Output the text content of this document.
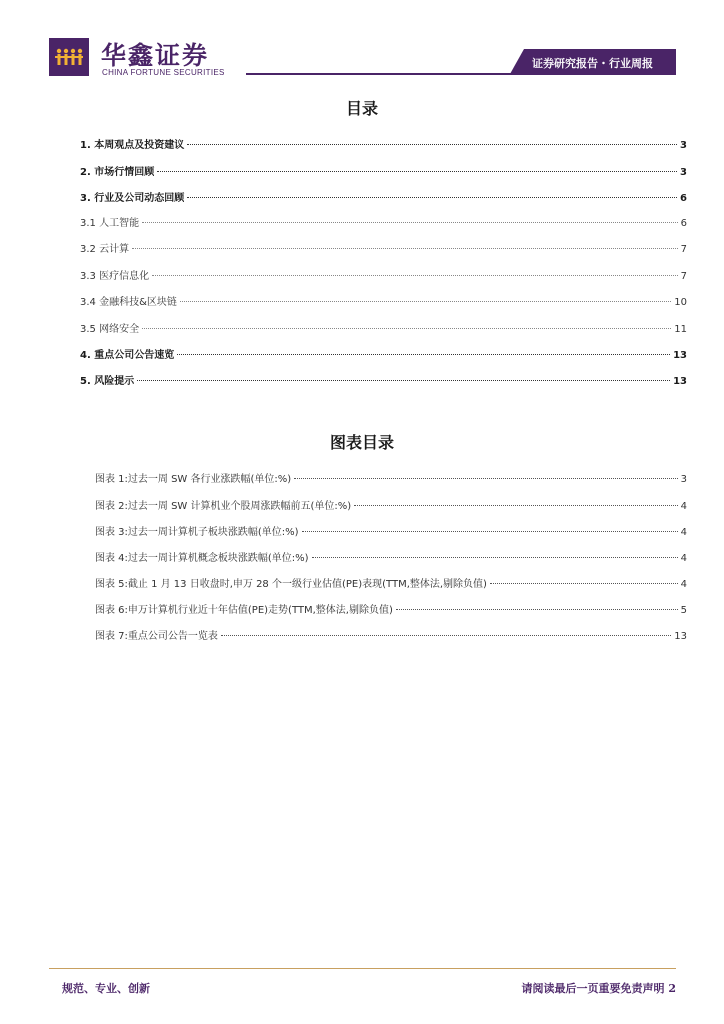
华鑫证券
CHINA FORTUNE SECURITIES
证券研究报告・行业周报
目录
1. 本周观点及投资建议	3
2. 市场行情回顾	3
3. 行业及公司动态回顾	6
3.1 人工智能	6
3.2 云计算	7
3.3 医疗信息化	7
3.4 金融科技&区块链	10
3.5 网络安全	11
4. 重点公司公告速览	13
5. 风险提示	13
图表目录
图表 1:过去一周 SW 各行业涨跌幅(单位:%)	3
图表 2:过去一周 SW 计算机业个股周涨跌幅前五(单位:%)	4
图表 3:过去一周计算机子板块涨跌幅(单位:%)	4
图表 4:过去一周计算机概念板块涨跌幅(单位:%)	4
图表 5:截止 1 月 13 日收盘时,申万 28 个一级行业估值(PE)表现(TTM,整体法,剔除负值)	4
图表 6:申万计算机行业近十年估值(PE)走势(TTM,整体法,剔除负值)	5
图表 7:重点公司公告一览表	13
规范、专业、创新	请阅读最后一页重要免责声明 2
